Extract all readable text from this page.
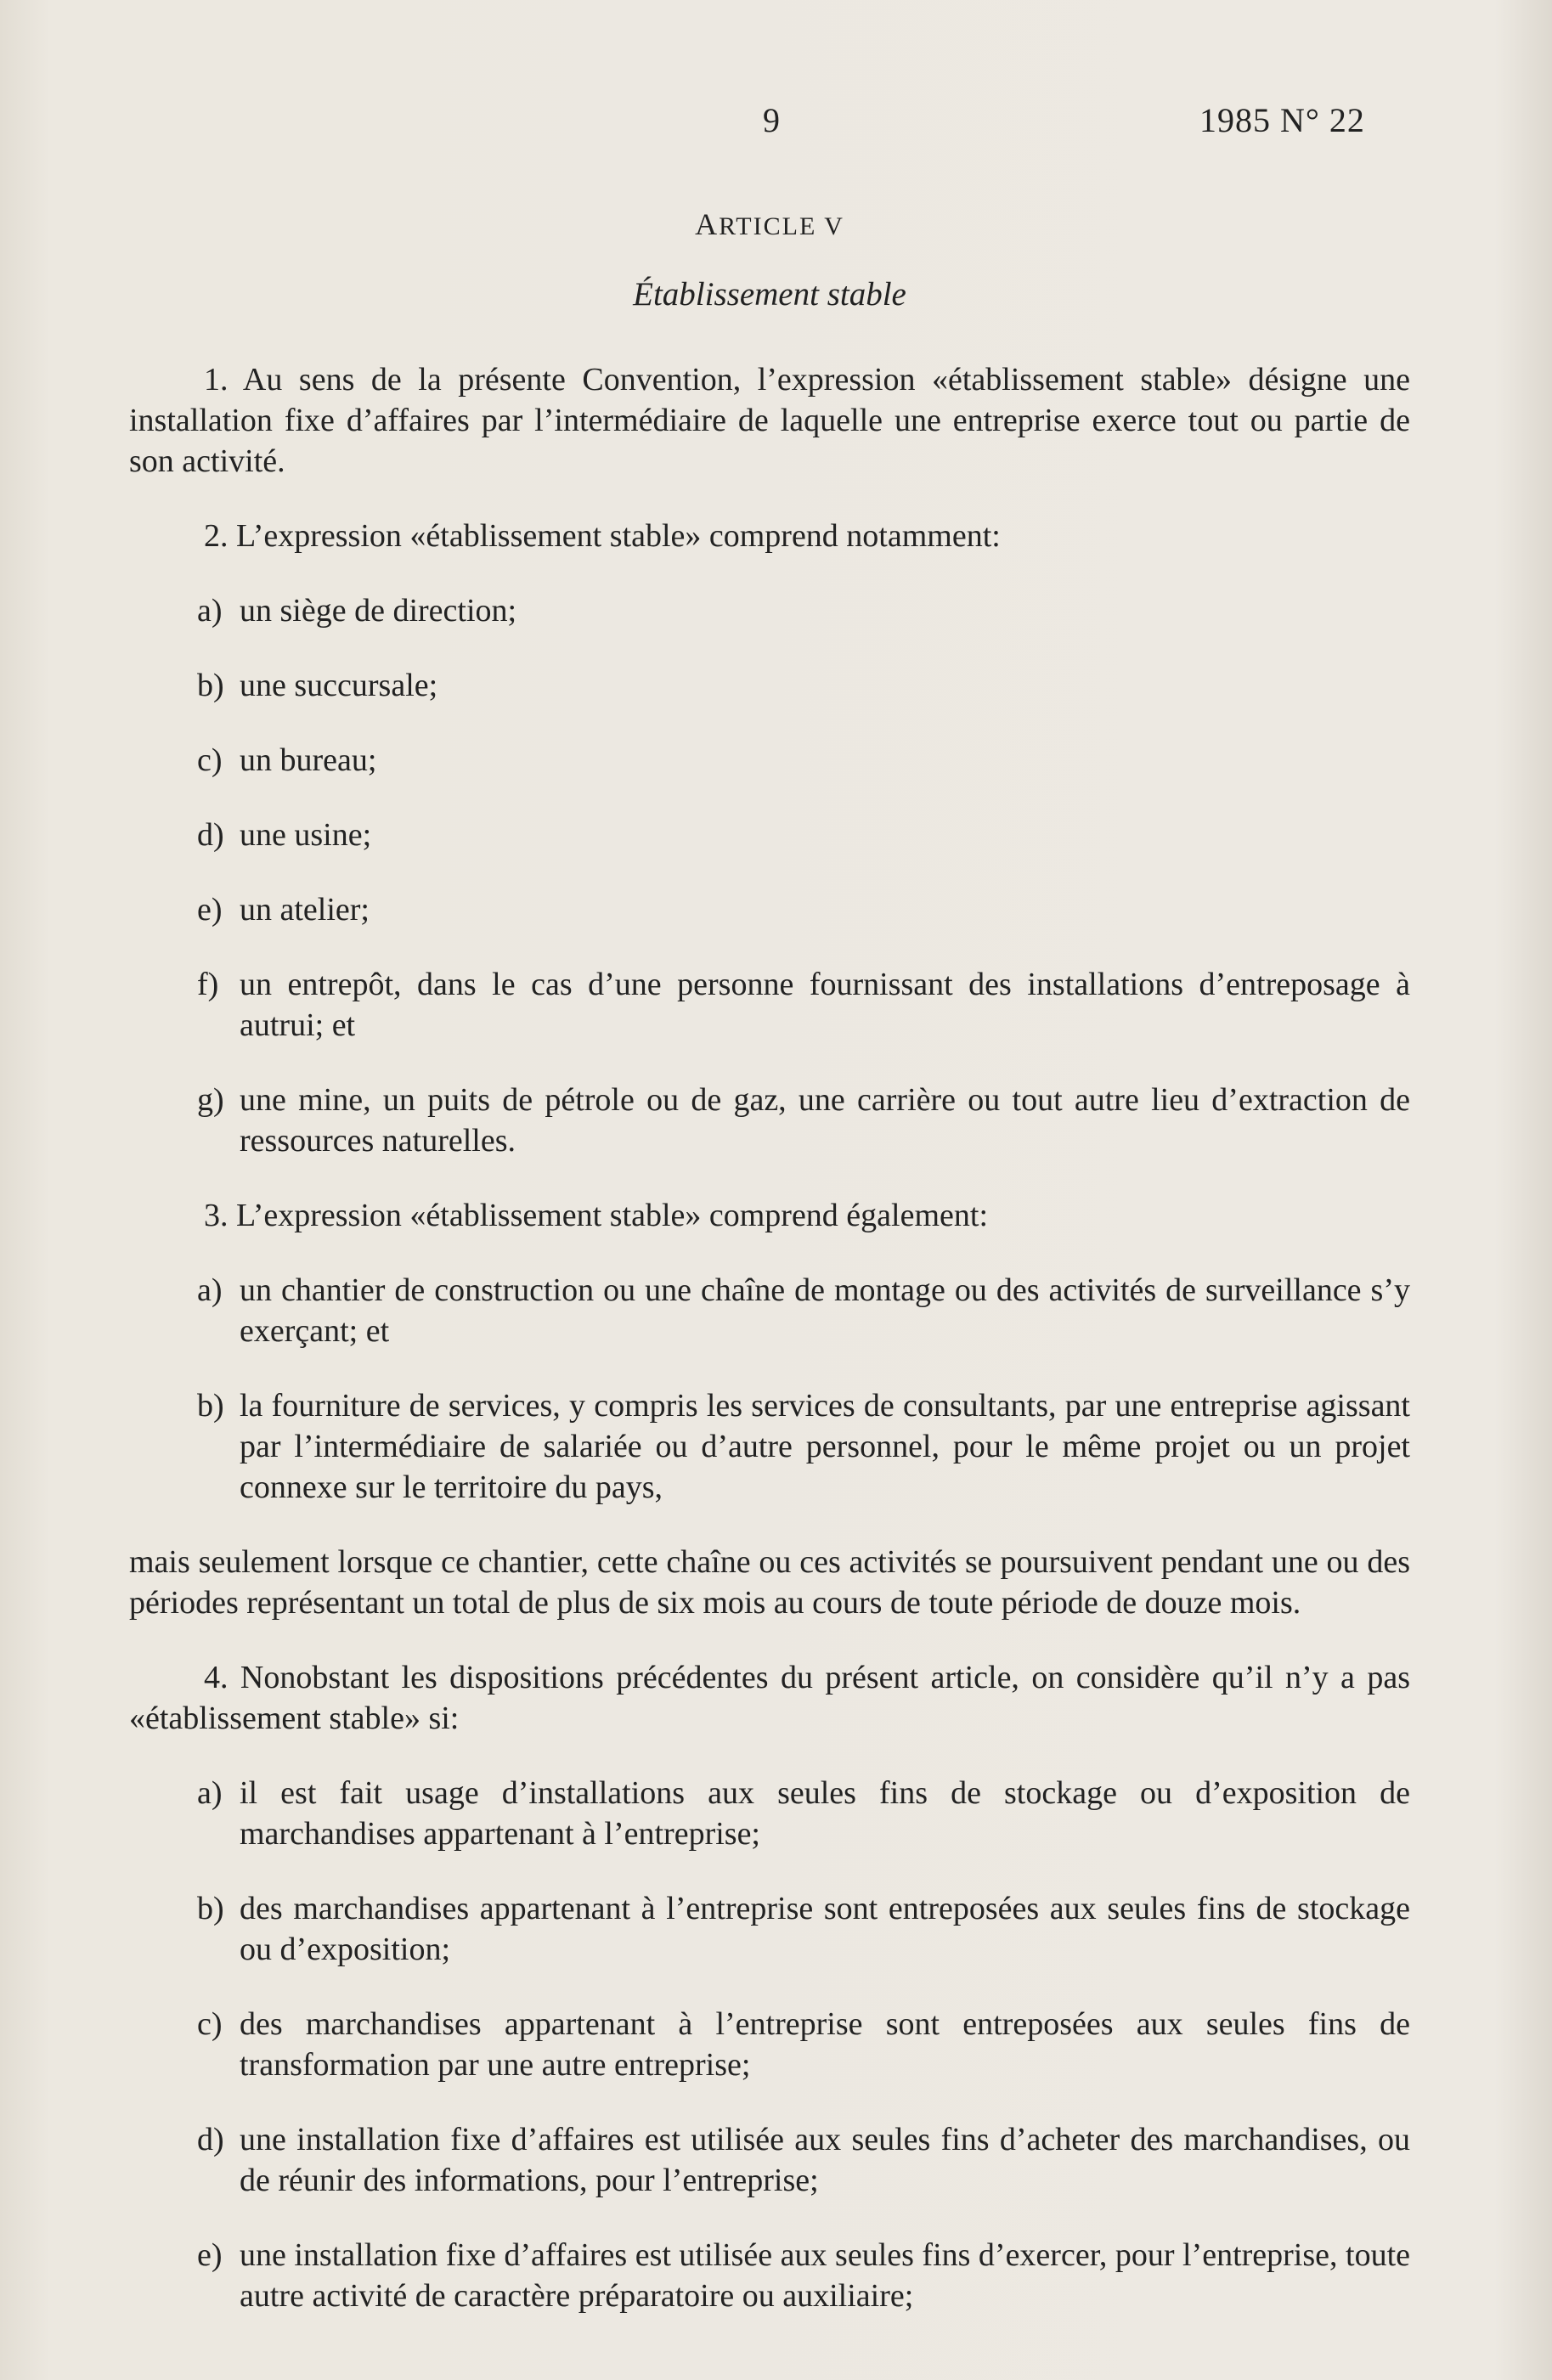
9	1985 N° 22
ARTICLE V
Établissement stable

1. Au sens de la présente Convention, l’expression «établissement stable» désigne une installation fixe d’affaires par l’intermédiaire de laquelle une entreprise exerce tout ou partie de son activité.

2. L’expression «établissement stable» comprend notamment:

a) un siège de direction;
b) une succursale;
c) un bureau;
d) une usine;
e) un atelier;
f) un entrepôt, dans le cas d’une personne fournissant des installations d’entreposage à autrui; et
g) une mine, un puits de pétrole ou de gaz, une carrière ou tout autre lieu d’extraction de ressources naturelles.

3. L’expression «établissement stable» comprend également:

a) un chantier de construction ou une chaîne de montage ou des activités de surveillance s’y exerçant; et
b) la fourniture de services, y compris les services de consultants, par une entreprise agissant par l’intermédiaire de salariée ou d’autre personnel, pour le même projet ou un projet connexe sur le territoire du pays,

mais seulement lorsque ce chantier, cette chaîne ou ces activités se poursuivent pendant une ou des périodes représentant un total de plus de six mois au cours de toute période de douze mois.

4. Nonobstant les dispositions précédentes du présent article, on considère qu’il n’y a pas «établissement stable» si:

a) il est fait usage d’installations aux seules fins de stockage ou d’exposition de marchandises appartenant à l’entreprise;
b) des marchandises appartenant à l’entreprise sont entreposées aux seules fins de stockage ou d’exposition;
c) des marchandises appartenant à l’entreprise sont entreposées aux seules fins de transformation par une autre entreprise;
d) une installation fixe d’affaires est utilisée aux seules fins d’acheter des marchandises, ou de réunir des informations, pour l’entreprise;
e) une installation fixe d’affaires est utilisée aux seules fins d’exercer, pour l’entreprise, toute autre activité de caractère préparatoire ou auxiliaire;
